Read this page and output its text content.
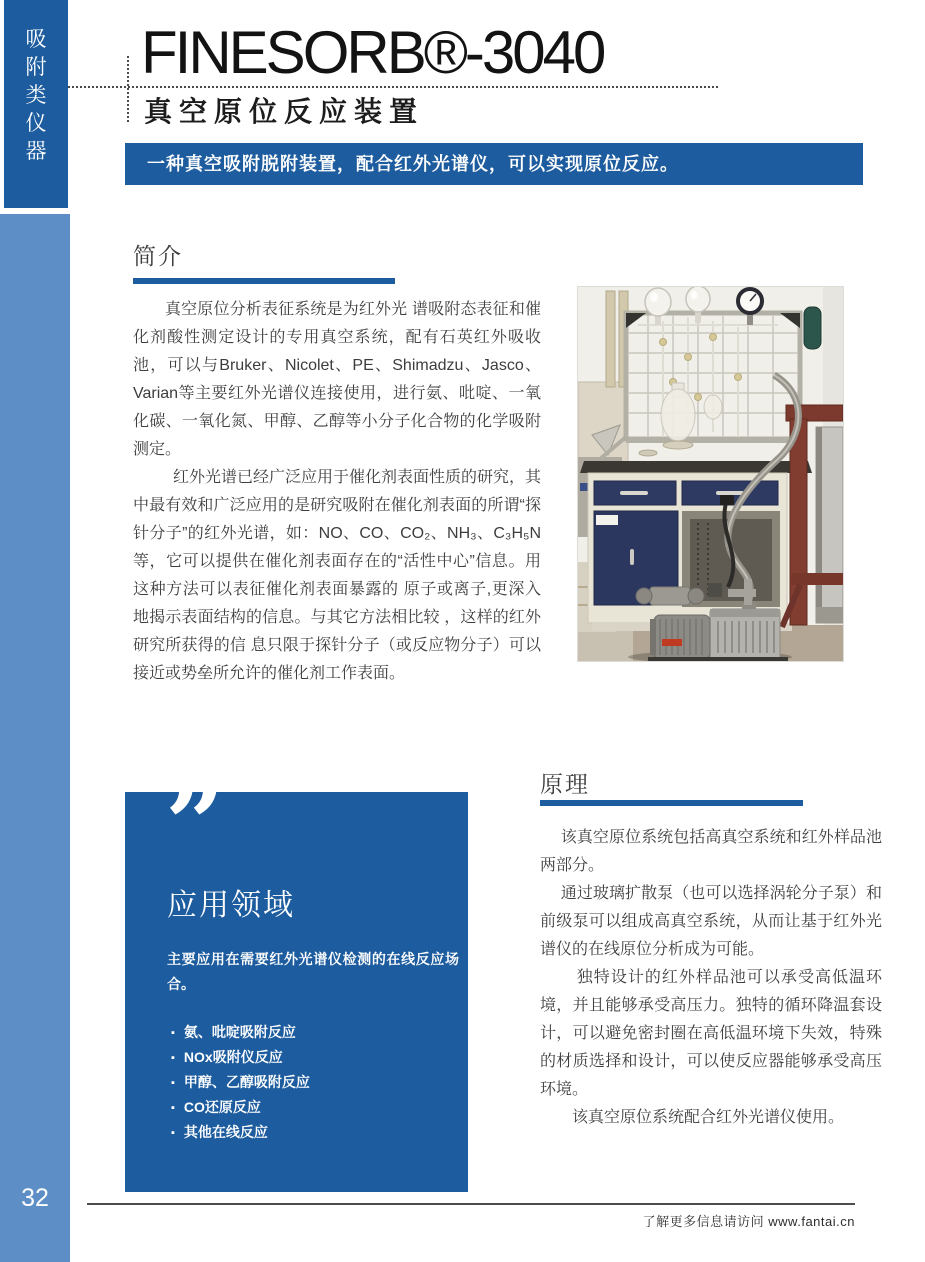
吸附类仪器
32
FINESORB®-3040
真空原位反应装置
一种真空吸附脱附装置，配合红外光谱仪，可以实现原位反应。
简介

真空原位分析表征系统是为红外光 谱吸附态表征和催化剂酸性测定设计的专用真空系统，配有石英红外吸收池，可以与Bruker、Nicolet、PE、Shimadzu、Jasco、Varian等主要红外光谱仪连接使用，进行氨、吡啶、一氧化碳、一氧化氮、甲醇、乙醇等小分子化合物的化学吸附测定。

红外光谱已经广泛应用于催化剂表面性质的研究，其中最有效和广泛应用的是研究吸附在催化剂表面的所谓“探针分子”的红外光谱，如：NO、CO、CO₂、NH₃、C₃H₅N等，它可以提供在催化剂表面存在的“活性中心”信息。用这种方法可以表征催化剂表面暴露的 原子或离子,更深入地揭示表面结构的信息。与其它方法相比较 ，这样的红外研究所获得的信 息只限于探针分子（或反应物分子）可以接近或势垒所允许的催化剂工作表面。

”
应用领域
主要应用在需要红外光谱仪检测的在线反应场合。
▪ 氨、吡啶吸附反应
▪ NOx吸附仪反应
▪ 甲醇、乙醇吸附反应
▪ CO还原反应
▪ 其他在线反应
原理

该真空原位系统包括高真空系统和红外样品池两部分。

通过玻璃扩散泵（也可以选择涡轮分子泵）和前级泵可以组成高真空系统，从而让基于红外光谱仪的在线原位分析成为可能。

独特设计的红外样品池可以承受高低温环境，并且能够承受高压力。独特的循环降温套设计，可以避免密封圈在高低温环境下失效，特殊的材质选择和设计，可以使反应器能够承受高压环境。

该真空原位系统配合红外光谱仪使用。

了解更多信息请访问 www.fantai.cn
